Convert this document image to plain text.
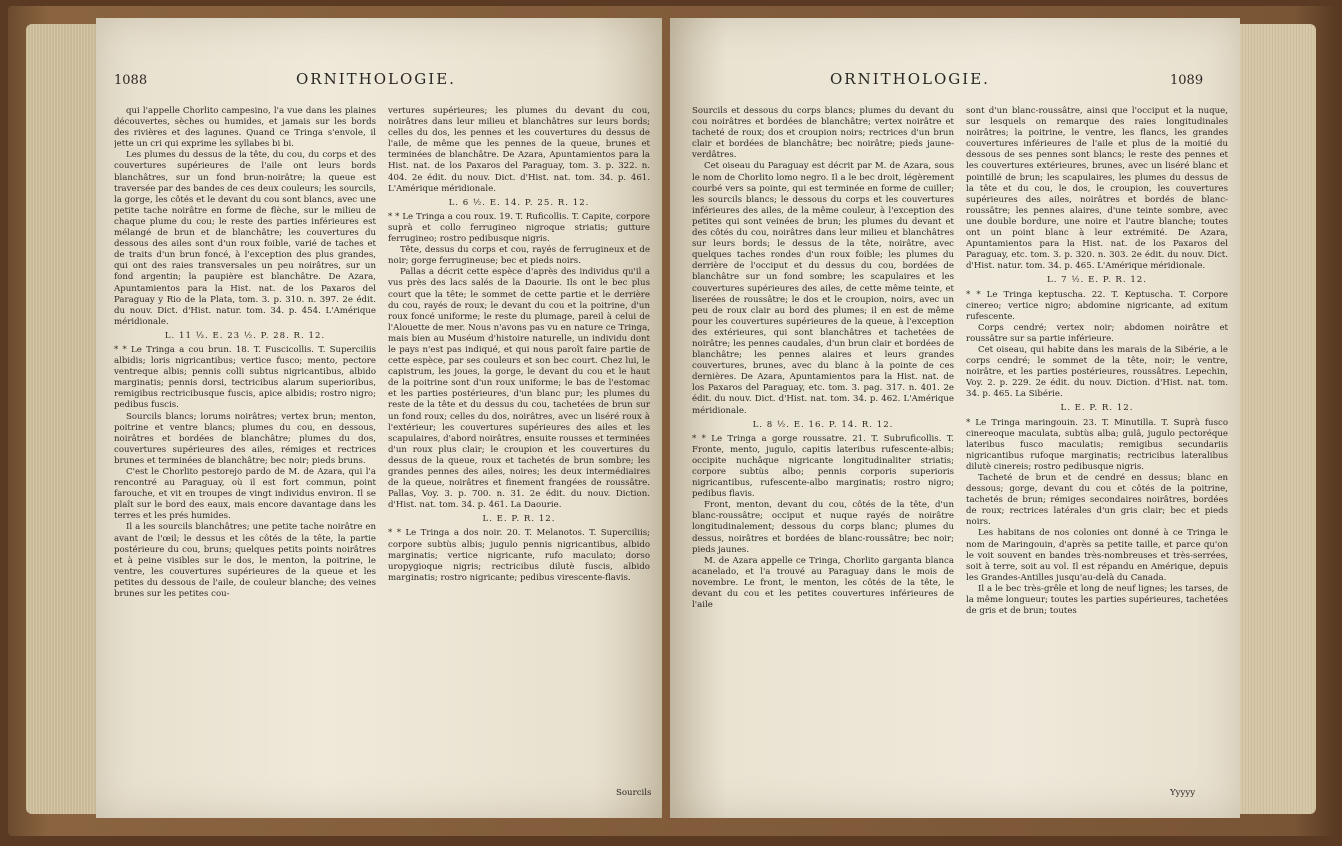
1088	ORNITHOLOGIE.

qui l'appelle Chorlito campesino, l'a vue dans les plaines découvertes, sèches ou humides, et jamais sur les bords des rivières et des lagunes. Quand ce Tringa s'envole, il jette un cri qui exprime les syllabes bi bi.

Les plumes du dessus de la tête, du cou, du corps et des couvertures supérieures de l'aile ont leurs bords blanchâtres, sur un fond brun-noirâtre; la queue est traversée par des bandes de ces deux couleurs; les sourcils, la gorge, les côtés et le devant du cou sont blancs, avec une petite tache noirâtre en forme de flèche, sur le milieu de chaque plume du cou; le reste des parties inférieures est mélangé de brun et de blanchâtre; les couvertures du dessous des ailes sont d'un roux foible, varié de taches et de traits d'un brun foncé, à l'exception des plus grandes, qui ont des raies transversales un peu noirâtres, sur un fond argentin; la paupière est blanchâtre. De Azara, Apuntamientos para la Hist. nat. de los Paxaros del Paraguay y Rio de la Plata, tom. 3. p. 310. n. 397. 2e édit. du nouv. Dict. d'Hist. natur. tom. 34. p. 454. L'Amérique méridionale.

L. 11 ⅓. E. 23 ½. P. 28. R. 12.

* * Le Tringa a cou brun. 18. T. Fuscicollis. T. Superciliis albidis; loris nigricantibus; vertice fusco; mento, pectore ventreque albis; pennis colli subtus nigricantibus, albido marginatis; pennis dorsi, tectricibus alarum superioribus, remigibus rectricibusque fuscis, apice albidis; rostro nigro; pedibus fuscis.

Sourcils blancs; lorums noirâtres; vertex brun; menton, poitrine et ventre blancs; plumes du cou, en dessous, noirâtres et bordées de blanchâtre; plumes du dos, couvertures supérieures des ailes, rémiges et rectrices brunes et terminées de blanchâtre; bec noir; pieds bruns.

C'est le Chorlito pestorejo pardo de M. de Azara, qui l'a rencontré au Paraguay, où il est fort commun, point farouche, et vit en troupes de vingt individus environ. Il se plaît sur le bord des eaux, mais encore davantage dans les terres et les prés humides.

Il a les sourcils blanchâtres; une petite tache noirâtre en avant de l'œil; le dessus et les côtés de la tête, la partie postérieure du cou, bruns; quelques petits points noirâtres et à peine visibles sur le dos, le menton, la poitrine, le ventre, les couvertures supérieures de la queue et les petites du dessous de l'aile, de couleur blanche; des veines brunes sur les petites cou-

vertures supérieures; les plumes du devant du cou, noirâtres dans leur milieu et blanchâtres sur leurs bords; celles du dos, les pennes et les couvertures du dessus de l'aile, de même que les pennes de la queue, brunes et terminées de blanchâtre. De Azara, Apuntamientos para la Hist. nat. de los Paxaros del Paraguay, tom. 3. p. 322. n. 404. 2e édit. du nouv. Dict. d'Hist. nat. tom. 34. p. 461. L'Amérique méridionale.

L. 6 ½. E. 14. P. 25. R. 12.

* * Le Tringa a cou roux. 19. T. Ruficollis. T. Capite, corpore suprà et collo ferrugineo nigroque striatis; gutture ferrugineo; rostro pedibusque nigris.

Tête, dessus du corps et cou, rayés de ferrugineux et de noir; gorge ferrugineuse; bec et pieds noirs.

Pallas a décrit cette espèce d'après des individus qu'il a vus près des lacs salés de la Daourie. Ils ont le bec plus court que la tête; le sommet de cette partie et le derrière du cou, rayés de roux; le devant du cou et la poitrine, d'un roux foncé uniforme; le reste du plumage, pareil à celui de l'Alouette de mer. Nous n'avons pas vu en nature ce Tringa, mais bien au Muséum d'histoire naturelle, un individu dont le pays n'est pas indiqué, et qui nous paroît faire partie de cette espèce, par ses couleurs et son bec court. Chez lui, le capistrum, les joues, la gorge, le devant du cou et le haut de la poitrine sont d'un roux uniforme; le bas de l'estomac et les parties postérieures, d'un blanc pur; les plumes du reste de la tête et du dessus du cou, tachetées de brun sur un fond roux; celles du dos, noirâtres, avec un liséré roux à l'extérieur; les couvertures supérieures des ailes et les scapulaires, d'abord noirâtres, ensuite rousses et terminées d'un roux plus clair; le croupion et les couvertures du dessus de la queue, roux et tachetés de brun sombre; les grandes pennes des ailes, noires; les deux intermédiaires de la queue, noirâtres et finement frangées de roussâtre. Pallas, Voy. 3. p. 700. n. 31. 2e édit. du nouv. Diction. d'Hist. nat. tom. 34. p. 461. La Daourie.

L. E. P. R. 12.

* * Le Tringa a dos noir. 20. T. Melanotos. T. Superciliis; corpore subtùs albis; jugulo pennis nigricantibus, albido marginatis; vertice nigricante, rufo maculato; dorso uropygioque nigris; rectricibus dilutè fuscis, albido marginatis; rostro nigricante; pedibus virescente-flavis.

Sourcils
ORNITHOLOGIE.	1089

Sourcils et dessous du corps blancs; plumes du devant du cou noirâtres et bordées de blanchâtre; vertex noirâtre et tacheté de roux; dos et croupion noirs; rectrices d'un brun clair et bordées de blanchâtre; bec noirâtre; pieds jaune-verdâtres.

Cet oiseau du Paraguay est décrit par M. de Azara, sous le nom de Chorlito lomo negro. Il a le bec droit, légèrement courbé vers sa pointe, qui est terminée en forme de cuiller; les sourcils blancs; le dessous du corps et les couvertures inférieures des ailes, de la même couleur, à l'exception des petites qui sont veinées de brun; les plumes du devant et des côtés du cou, noirâtres dans leur milieu et blanchâtres sur leurs bords; le dessus de la tête, noirâtre, avec quelques taches rondes d'un roux foible; les plumes du derrière de l'occiput et du dessus du cou, bordées de blanchâtre sur un fond sombre; les scapulaires et les couvertures supérieures des ailes, de cette même teinte, et liserées de roussâtre; le dos et le croupion, noirs, avec un peu de roux clair au bord des plumes; il en est de même pour les couvertures supérieures de la queue, à l'exception des extérieures, qui sont blanchâtres et tachetées de noirâtre; les pennes caudales, d'un brun clair et bordées de blanchâtre; les pennes alaires et leurs grandes couvertures, brunes, avec du blanc à la pointe de ces dernières. De Azara, Apuntamientos para la Hist. nat. de los Paxaros del Paraguay, etc. tom. 3. pag. 317. n. 401. 2e édit. du nouv. Dict. d'Hist. nat. tom. 34. p. 462. L'Amérique méridionale.

L. 8 ½. E. 16. P. 14. R. 12.

* * Le Tringa a gorge roussatre. 21. T. Subruficollis. T. Fronte, mento, jugulo, capitis lateribus rufescente-albis; occipite nuchâque nigricante longitudinaliter striatis; corpore subtùs albo; pennis corporis superioris nigricantibus, rufescente-albo marginatis; rostro nigro; pedibus flavis.

Front, menton, devant du cou, côtés de la tête, d'un blanc-roussâtre; occiput et nuque rayés de noirâtre longitudinalement; dessous du corps blanc; plumes du dessus, noirâtres et bordées de blanc-roussâtre; bec noir; pieds jaunes.

M. de Azara appelle ce Tringa, Chorlito garganta blanca acanelado, et l'a trouvé au Paraguay dans le mois de novembre. Le front, le menton, les côtés de la tête, le devant du cou et les petites couvertures inférieures de l'aile

sont d'un blanc-roussâtre, ainsi que l'occiput et la nuque, sur lesquels on remarque des raies longitudinales noirâtres; la poitrine, le ventre, les flancs, les grandes couvertures inférieures de l'aile et plus de la moitié du dessous de ses pennes sont blancs; le reste des pennes et les couvertures extérieures, brunes, avec un liséré blanc et pointillé de brun; les scapulaires, les plumes du dessus de la tête et du cou, le dos, le croupion, les couvertures supérieures des ailes, noirâtres et bordés de blanc-roussâtre; les pennes alaires, d'une teinte sombre, avec une double bordure, une noire et l'autre blanche; toutes ont un point blanc à leur extrémité. De Azara, Apuntamientos para la Hist. nat. de los Paxaros del Paraguay, etc. tom. 3. p. 320. n. 303. 2e édit. du nouv. Dict. d'Hist. natur. tom. 34. p. 465. L'Amérique méridionale.

L. 7 ½. E. P. R. 12.

* * Le Tringa keptuscha. 22. T. Keptuscha. T. Corpore cinereo; vertice nigro; abdomine nigricante, ad exitum rufescente.

Corps cendré; vertex noir; abdomen noirâtre et roussâtre sur sa partie inférieure.

Cet oiseau, qui habite dans les marais de la Sibérie, a le corps cendré; le sommet de la tête, noir; le ventre, noirâtre, et les parties postérieures, roussâtres. Lepechin, Voy. 2. p. 229. 2e édit. du nouv. Diction. d'Hist. nat. tom. 34. p. 465. La Sibérie.

L. E. P. R. 12.

* Le Tringa maringouin. 23. T. Minutilla. T. Suprà fusco cinereoque maculata, subtùs alba; gulâ, jugulo pectoréque lateribus fusco maculatis; remigibus secundariis nigricantibus rufoque marginatis; rectricibus lateralibus dilutè cinereis; rostro pedibusque nigris.

Tacheté de brun et de cendré en dessus; blanc en dessous; gorge, devant du cou et côtés de la poitrine, tachetés de brun; rémiges secondaires noirâtres, bordées de roux; rectrices latérales d'un gris clair; bec et pieds noirs.

Les habitans de nos colonies ont donné à ce Tringa le nom de Maringouin, d'après sa petite taille, et parce qu'on le voit souvent en bandes très-nombreuses et très-serrées, soit à terre, soit au vol. Il est répandu en Amérique, depuis les Grandes-Antilles jusqu'au-delà du Canada.

Il a le bec très-grêle et long de neuf lignes; les tarses, de la même longueur; toutes les parties supérieures, tachetées de gris et de brun; toutes

Yyyyy
